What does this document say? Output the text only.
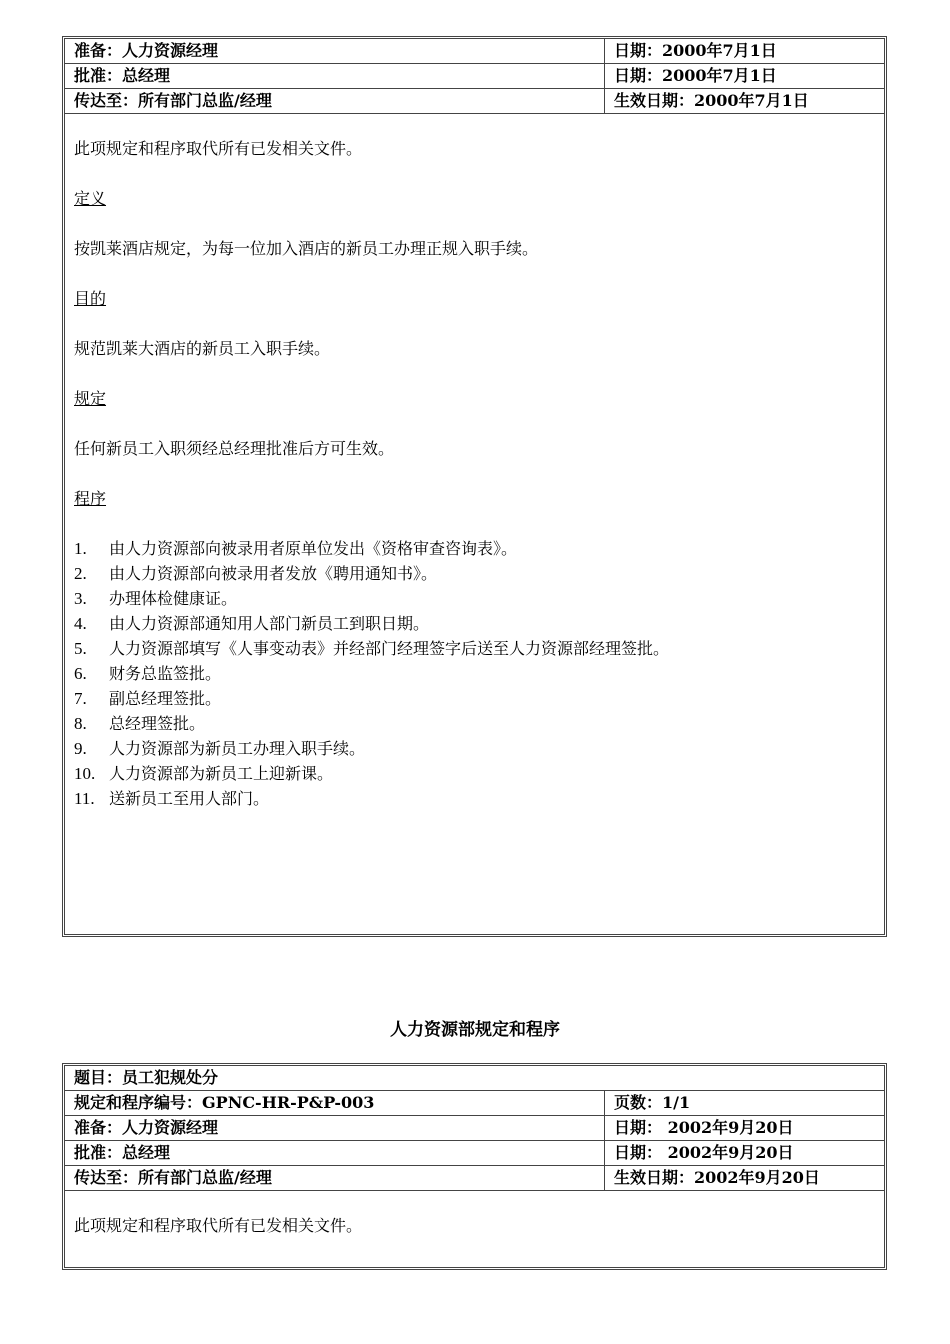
准备：人力资源经理	日期：2000年7月1日
批准：总经理	日期：2000年7月1日
传达至：所有部门总监/经理	生效日期：2000年7月1日

此项规定和程序取代所有已发相关文件。

定义

按凯莱酒店规定，为每一位加入酒店的新员工办理正规入职手续。

目的

规范凯莱大酒店的新员工入职手续。

规定

任何新员工入职须经总经理批准后方可生效。

程序

1.	由人力资源部向被录用者原单位发出《资格审查咨询表》。
2.	由人力资源部向被录用者发放《聘用通知书》。
3.	办理体检健康证。
4.	由人力资源部通知用人部门新员工到职日期。
5.	人力资源部填写《人事变动表》并经部门经理签字后送至人力资源部经理签批。
6.	财务总监签批。
7.	副总经理签批。
8.	总经理签批。
9.	人力资源部为新员工办理入职手续。
10. 人力资源部为新员工上迎新课。
11. 送新员工至用人部门。
人力资源部规定和程序
题目：员工犯规处分
规定和程序编号：GPNC-HR-P&P-003	页数：1/1
准备：人力资源经理	日期： 2002年9月20日
批准：总经理	日期： 2002年9月20日
传达至：所有部门总监/经理	生效日期：2002年9月20日

此项规定和程序取代所有已发相关文件。
